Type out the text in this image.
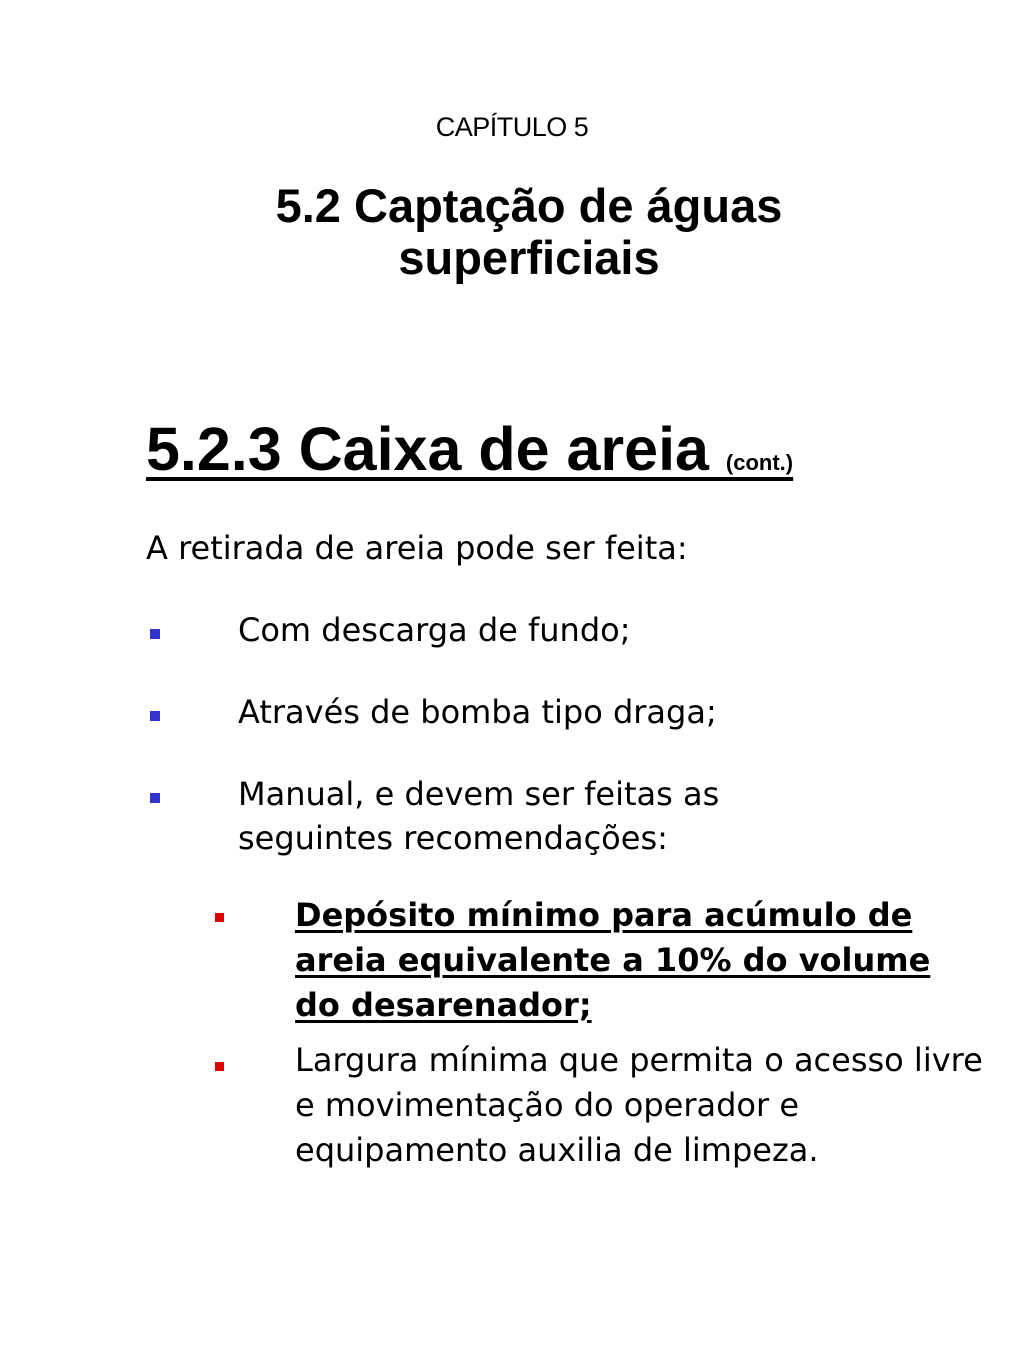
CAPÍTULO 5
5.2 Captação de águas
superficiais
5.2.3 Caixa de areia (cont.)
A retirada de areia pode ser feita:
Com descarga de fundo;
Através de bomba tipo draga;
Manual, e devem ser feitas as seguintes recomendações:
Depósito mínimo para acúmulo de areia equivalente a 10% do volume do desarenador;
Largura mínima que permita o acesso livre e movimentação do operador e equipamento auxilia de limpeza.
